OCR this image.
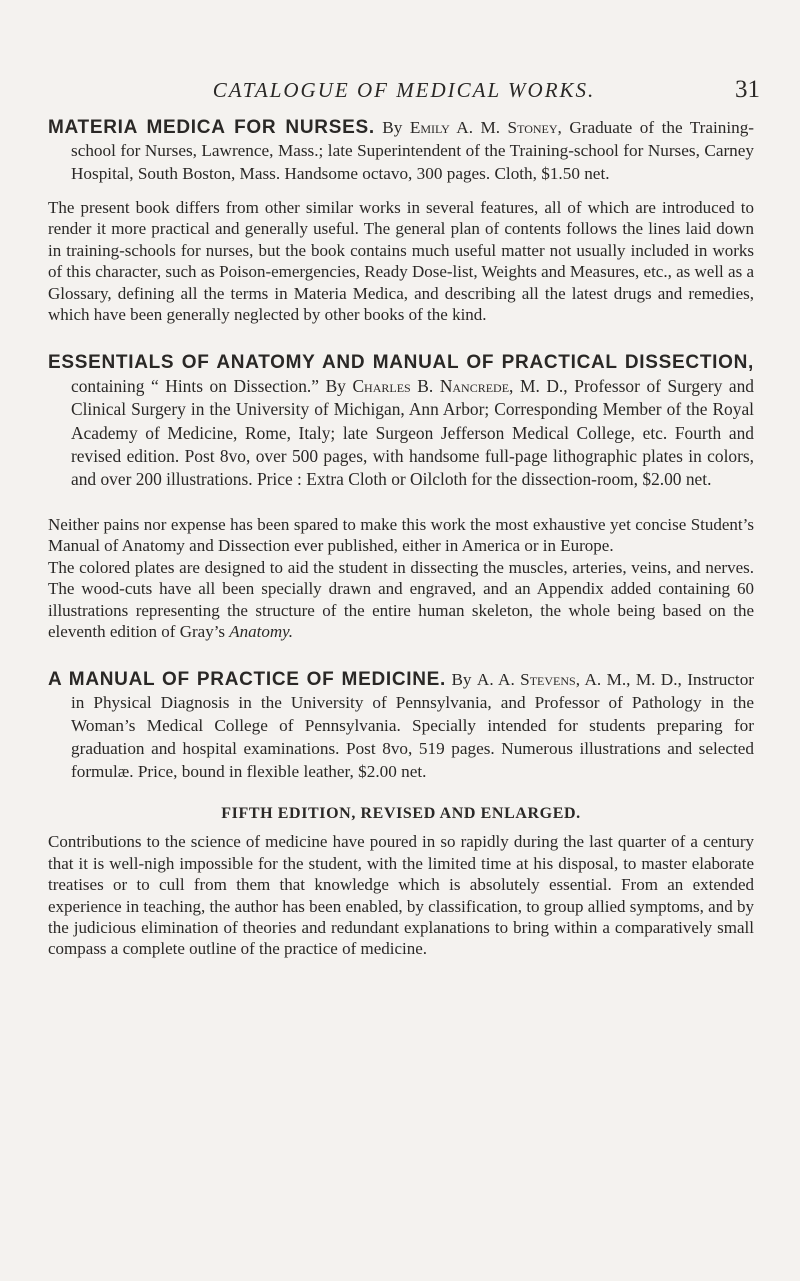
CATALOGUE OF MEDICAL WORKS.	31

MATERIA MEDICA FOR NURSES. By Emily A. M. Stoney, Graduate of the Training-school for Nurses, Lawrence, Mass.; late Superintendent of the Training-school for Nurses, Carney Hospital, South Boston, Mass. Handsome octavo, 300 pages. Cloth, $1.50 net.

The present book differs from other similar works in several features, all of which are introduced to render it more practical and generally useful. The general plan of contents follows the lines laid down in training-schools for nurses, but the book contains much useful matter not usually included in works of this character, such as Poison-emergencies, Ready Dose-list, Weights and Measures, etc., as well as a Glossary, defining all the terms in Materia Medica, and describing all the latest drugs and remedies, which have been generally neglected by other books of the kind.

ESSENTIALS OF ANATOMY AND MANUAL OF PRACTICAL DISSECTION, containing “ Hints on Dissection.” By Charles B. Nancrede, M. D., Professor of Surgery and Clinical Surgery in the University of Michigan, Ann Arbor; Corresponding Member of the Royal Academy of Medicine, Rome, Italy; late Surgeon Jefferson Medical College, etc. Fourth and revised edition. Post 8vo, over 500 pages, with handsome full-page lithographic plates in colors, and over 200 illustrations. Price : Extra Cloth or Oilcloth for the dissection-room, $2.00 net.

Neither pains nor expense has been spared to make this work the most exhaustive yet concise Student’s Manual of Anatomy and Dissection ever published, either in America or in Europe.

The colored plates are designed to aid the student in dissecting the muscles, arteries, veins, and nerves. The wood-cuts have all been specially drawn and engraved, and an Appendix added containing 60 illustrations representing the structure of the entire human skeleton, the whole being based on the eleventh edition of Gray’s Anatomy.

A MANUAL OF PRACTICE OF MEDICINE. By A. A. Stevens, A. M., M. D., Instructor in Physical Diagnosis in the University of Pennsylvania, and Professor of Pathology in the Woman’s Medical College of Pennsylvania. Specially intended for students preparing for graduation and hospital examinations. Post 8vo, 519 pages. Numerous illustrations and selected formulæ. Price, bound in flexible leather, $2.00 net.

FIFTH EDITION, REVISED AND ENLARGED.

Contributions to the science of medicine have poured in so rapidly during the last quarter of a century that it is well-nigh impossible for the student, with the limited time at his disposal, to master elaborate treatises or to cull from them that knowledge which is absolutely essential. From an extended experience in teaching, the author has been enabled, by classification, to group allied symptoms, and by the judicious elimination of theories and redundant explanations to bring within a comparatively small compass a complete outline of the practice of medicine.
